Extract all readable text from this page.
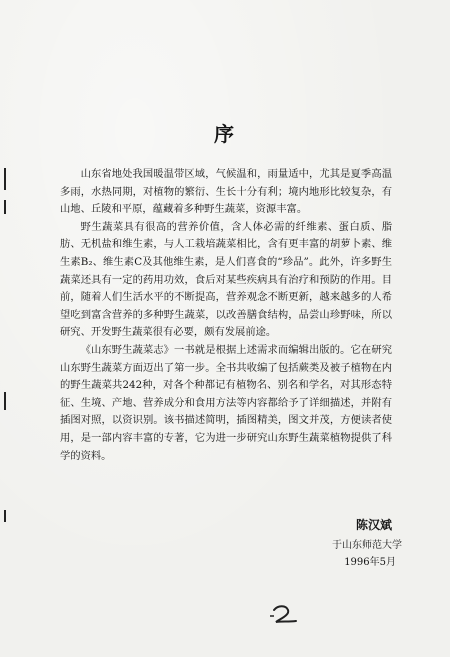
序

山东省地处我国暖温带区域，气候温和，雨量适中，尤其是夏季高温多雨，水热同期，对植物的繁衍、生长十分有利；境内地形比较复杂，有山地、丘陵和平原，蕴藏着多种野生蔬菜，资源丰富。

野生蔬菜具有很高的营养价值，含人体必需的纤维素、蛋白质、脂肪、无机盐和维生素，与人工栽培蔬菜相比，含有更丰富的胡萝卜素、维生素B₂、维生素C及其他维生素，是人们喜食的“珍品”。此外，许多野生蔬菜还具有一定的药用功效，食后对某些疾病具有治疗和预防的作用。目前，随着人们生活水平的不断提高，营养观念不断更新，越来越多的人希望吃到富含营养的多种野生蔬菜，以改善膳食结构，品尝山珍野味，所以研究、开发野生蔬菜很有必要，颇有发展前途。

《山东野生蔬菜志》一书就是根据上述需求而编辑出版的。它在研究山东野生蔬菜方面迈出了第一步。全书共收编了包括蕨类及被子植物在内的野生蔬菜共242种，对各个种都记有植物名、别名和学名，对其形态特征、生境、产地、营养成分和食用方法等内容都给予了详细描述，并附有插图对照，以资识别。该书描述简明，插图精美，图文并茂，方便读者使用，是一部内容丰富的专著，它为进一步研究山东野生蔬菜植物提供了科学的资料。

陈汉斌
于山东师范大学
1996年5月
